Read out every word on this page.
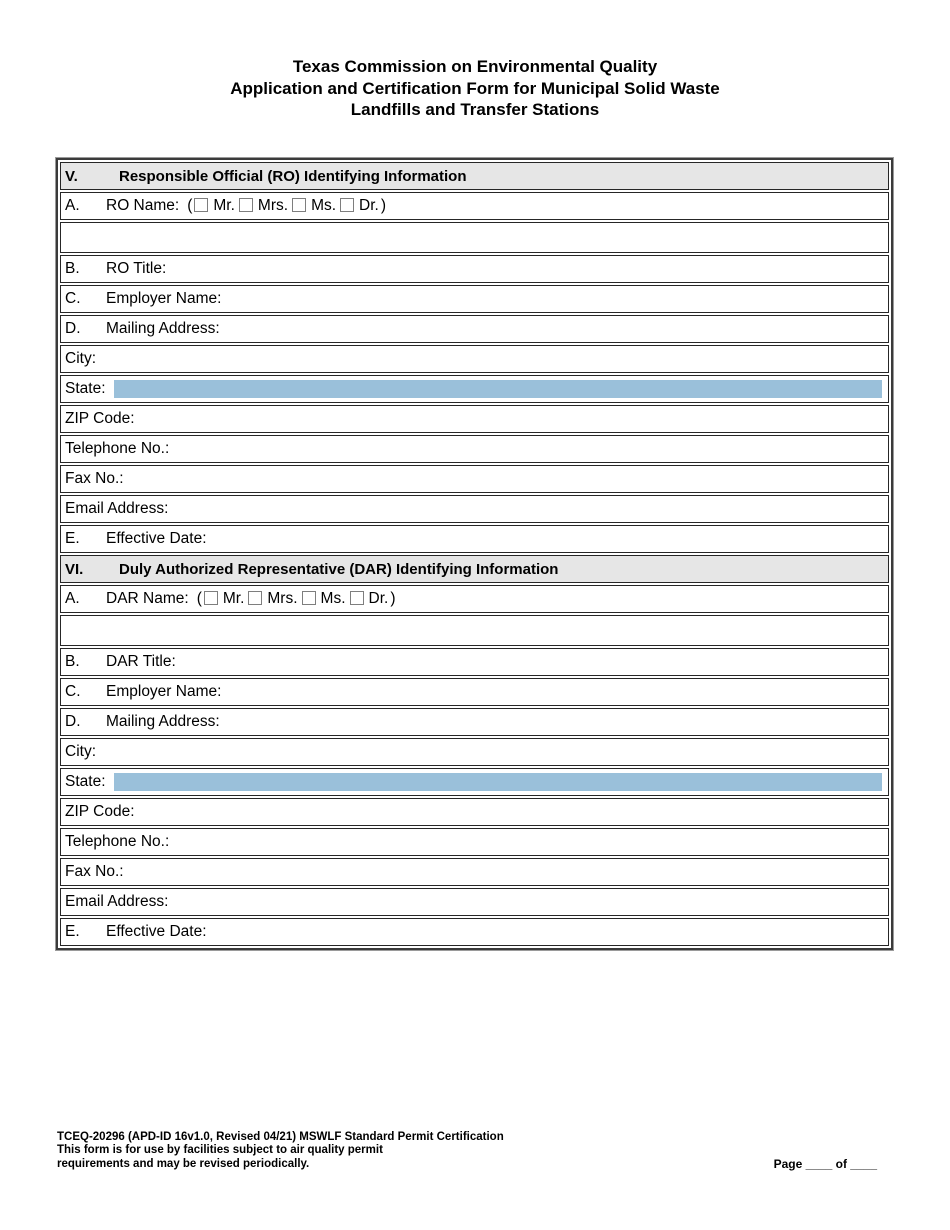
Texas Commission on Environmental Quality
Application and Certification Form for Municipal Solid Waste
Landfills and Transfer Stations
V.	Responsible Official (RO) Identifying Information
A. RO Name: ( Mr. Mrs. Ms. Dr. )

B. RO Title:
C. Employer Name:
D. Mailing Address:
City:

State:

ZIP Code:
Telephone No.:
Fax No.:
Email Address:
E. Effective Date:
VI. Duly Authorized Representative (DAR) Identifying Information
A. DAR Name: ( Mr. Mrs. Ms. Dr. )

B. DAR Title:
C. Employer Name:
D. Mailing Address:
City:

State:

ZIP Code:
Telephone No.:
Fax No.:
Email Address:
E. Effective Date:
TCEQ-20296 (APD-ID 16v1.0, Revised 04/21) MSWLF Standard Permit Certification
This form is for use by facilities subject to air quality permit
requirements and may be revised periodically.	Page ____ of ____
